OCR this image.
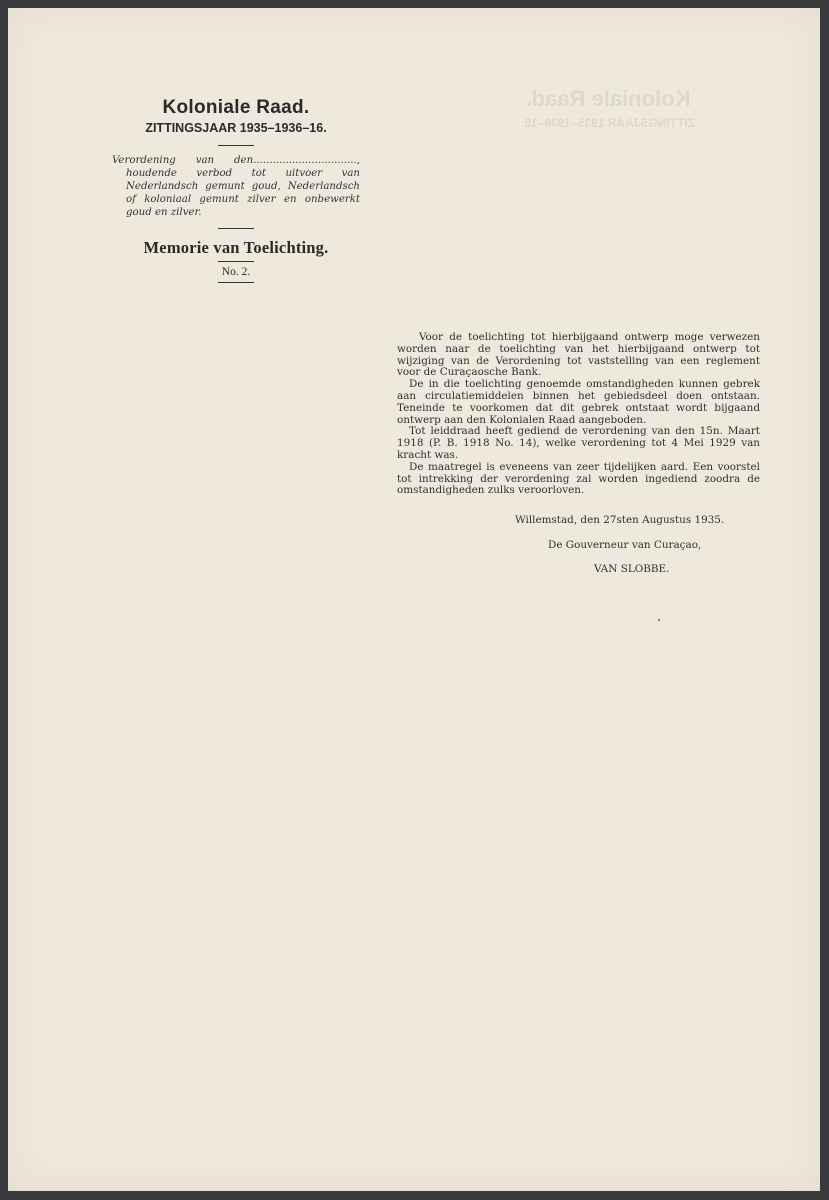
Koloniale Raad.
ZITTINGSJAAR 1935–1936–16.
Koloniale Raad.
ZITTINGSJAAR 1935–1936–16.
Verordening van den................................, houdende verbod tot uitvoer van Nederlandsch gemunt goud, Nederlandsch of koloniaal gemunt zilver en onbewerkt goud en zilver.
Memorie van Toelichting.
No. 2.

Voor de toelichting tot hierbijgaand ontwerp moge verwezen worden naar de toelichting van het hierbijgaand ontwerp tot wijziging van de Verordening tot vaststelling van een reglement voor de Curaçaosche Bank.

De in die toelichting genoemde omstandigheden kunnen gebrek aan circulatiemiddelen binnen het gebiedsdeel doen ontstaan. Teneinde te voorkomen dat dit gebrek ontstaat wordt bijgaand ontwerp aan den Kolonialen Raad aangeboden.

Tot leiddraad heeft gediend de verordening van den 15n. Maart 1918 (P. B. 1918 No. 14), welke verordening tot 4 Mei 1929 van kracht was.

De maatregel is eveneens van zeer tijdelijken aard. Een voorstel tot intrekking der verordening zal worden ingediend zoodra de omstandigheden zulks veroorloven.

Willemstad, den 27sten Augustus 1935.
De Gouverneur van Curaçao,
VAN SLOBBE.
